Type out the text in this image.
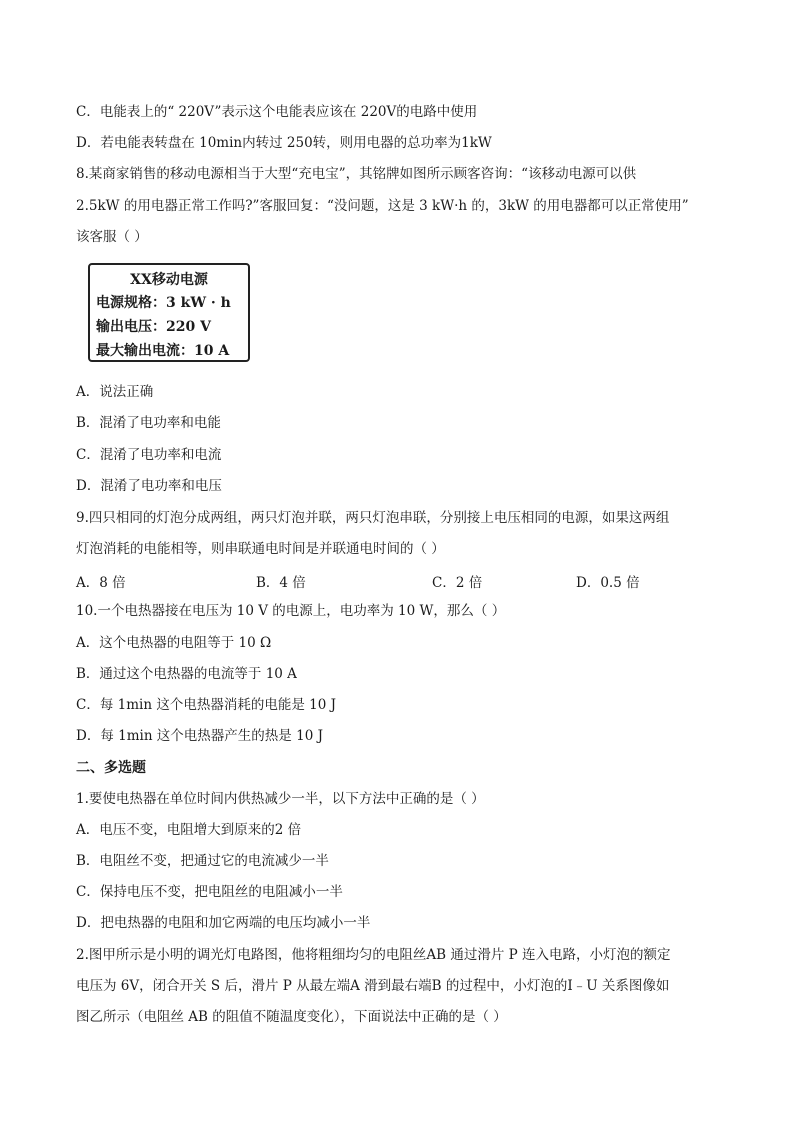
C．电能表上的“ 220V”表示这个电能表应该在 220V的电路中使用
D．若电能表转盘在 10min内转过 250转，则用电器的总功率为1kW
8.某商家销售的移动电源相当于大型“充电宝”，其铭牌如图所示顾客咨询：“该移动电源可以供
2.5kW 的用电器正常工作吗?”客服回复：“没问题，这是 3 kW·h 的，3kW 的用电器都可以正常使用”
该客服（ ）
XX移动电源
电源规格：3 kW · h
输出电压：220 V
最大输出电流：10 A
A．说法正确
B．混淆了电功率和电能
C．混淆了电功率和电流
D．混淆了电功率和电压
9.四只相同的灯泡分成两组，两只灯泡并联，两只灯泡串联，分别接上电压相同的电源，如果这两组
灯泡消耗的电能相等，则串联通电时间是并联通电时间的（ ）
A．8 倍	B．4 倍	C．2 倍	D．0.5 倍
10.一个电热器接在电压为 10 V 的电源上，电功率为 10 W，那么（ ）
A．这个电热器的电阻等于 10 Ω
B．通过这个电热器的电流等于 10 A
C．每 1min 这个电热器消耗的电能是 10 J
D．每 1min 这个电热器产生的热是 10 J
二、多选题
1.要使电热器在单位时间内供热减少一半，以下方法中正确的是（ ）
A．电压不变，电阻增大到原来的2 倍
B．电阻丝不变，把通过它的电流减少一半
C．保持电压不变，把电阻丝的电阻减小一半
D．把电热器的电阻和加它两端的电压均减小一半
2.图甲所示是小明的调光灯电路图，他将粗细均匀的电阻丝AB 通过滑片 P 连入电路，小灯泡的额定
电压为 6V，闭合开关 S 后，滑片 P 从最左端A 滑到最右端B 的过程中，小灯泡的I﹣U 关系图像如
图乙所示（电阻丝 AB 的阻值不随温度变化），下面说法中正确的是（ ）
